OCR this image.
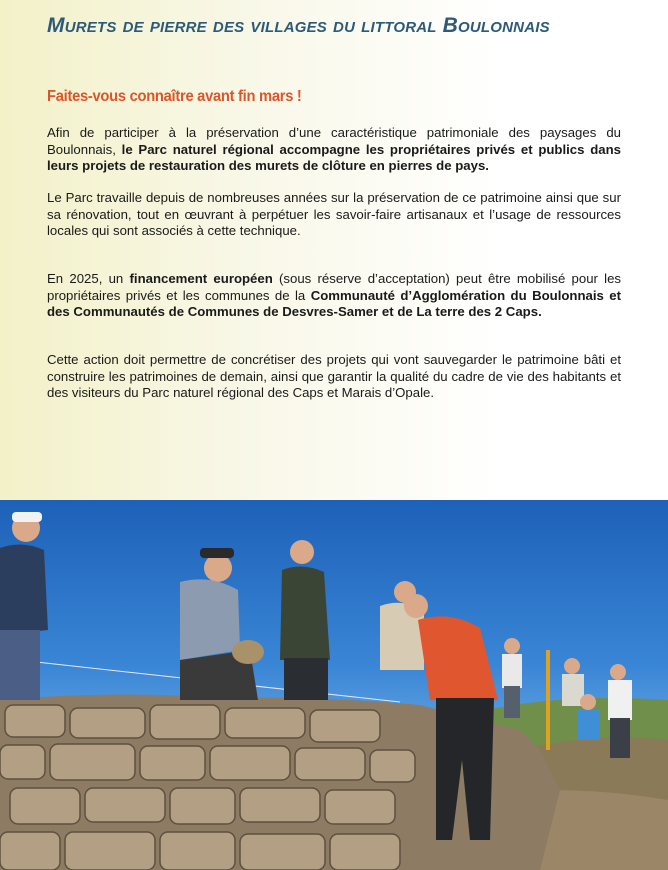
Murets de pierre des villages du littoral Boulonnais
Faites-vous connaître avant fin mars !

Afin de participer à la préservation d’une caractéristique patrimoniale des paysages du Boulonnais, le Parc naturel régional accompagne les propriétaires privés et publics dans leurs projets de restauration des murets de clôture en pierres de pays.

Le Parc travaille depuis de nombreuses années sur la préservation de ce patrimoine ainsi que sur sa rénovation, tout en œuvrant à perpétuer les savoir-faire artisanaux et l’usage de ressources locales qui sont associés à cette technique.

En 2025, un financement européen (sous réserve d’acceptation) peut être mobilisé pour les propriétaires privés et les communes de la Communauté d’Agglomération du Boulonnais et des Communautés de Communes de Desvres-Samer et de La terre des 2 Caps.

Cette action doit permettre de concrétiser des projets qui vont sauvegarder le patrimoine bâti et construire les patrimoines de demain, ainsi que garantir la qualité du cadre de vie des habitants et des visiteurs du Parc naturel régional des Caps et Marais d’Opale.
